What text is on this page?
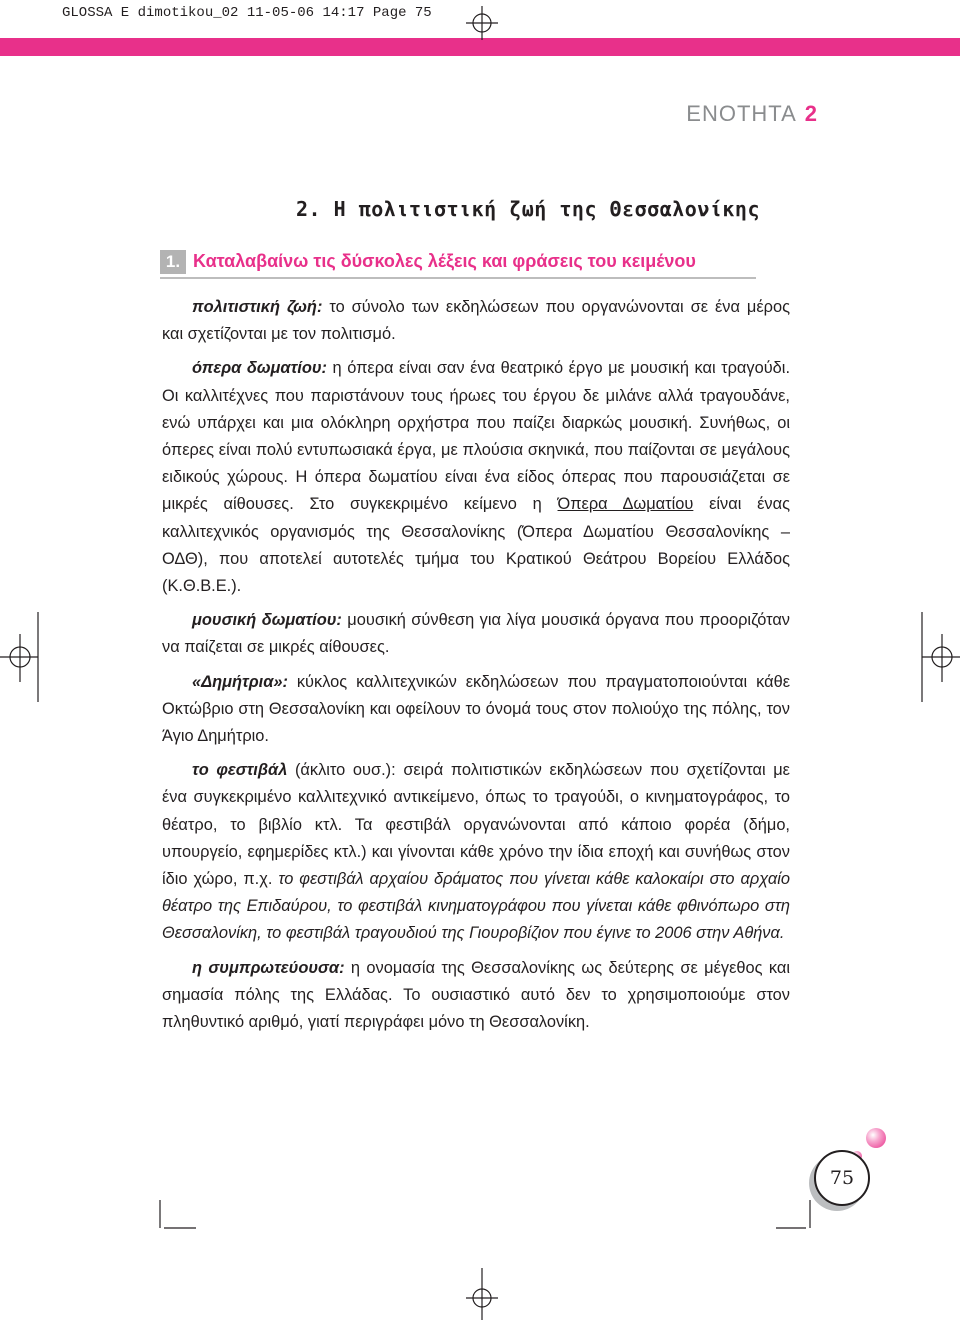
GLOSSA E dimotikou_02 11-05-06 14:17 Page 75
ΕΝΟΤΗΤΑ 2
2. Η πολιτιστική ζωή της Θεσσαλονίκης
1. Καταλαβαίνω τις δύσκολες λέξεις και φράσεις του κειμένου

πολιτιστική ζωή: το σύνολο των εκδηλώσεων που οργανώνονται σε ένα μέρος και σχετίζονται με τον πολιτισμό.

όπερα δωματίου: η όπερα είναι σαν ένα θεατρικό έργο με μουσική και τραγούδι. Οι καλλιτέχνες που παριστάνουν τους ήρωες του έργου δε μιλάνε αλλά τραγουδάνε, ενώ υπάρχει και μια ολόκληρη ορχήστρα που παίζει διαρκώς μουσική. Συνήθως, οι όπερες είναι πολύ εντυπωσιακά έργα, με πλούσια σκηνικά, που παίζονται σε μεγάλους ειδικούς χώρους. Η όπερα δωματίου είναι ένα είδος όπερας που παρουσιάζεται σε μικρές αίθουσες. Στο συγκεκριμένο κείμενο η Όπερα Δωματίου είναι ένας καλλιτεχνικός οργανισμός της Θεσσαλονίκης (Όπερα Δωματίου Θεσσαλονίκης – ΟΔΘ), που αποτελεί αυτοτελές τμήμα του Κρατικού Θεάτρου Βορείου Ελλάδος (Κ.Θ.Β.Ε.).

μουσική δωματίου: μουσική σύνθεση για λίγα μουσικά όργανα που προοριζόταν να παίζεται σε μικρές αίθουσες.

«Δημήτρια»: κύκλος καλλιτεχνικών εκδηλώσεων που πραγματοποιούνται κάθε Οκτώβριο στη Θεσσαλονίκη και οφείλουν το όνομά τους στον πολιούχο της πόλης, τον Άγιο Δημήτριο.

το φεστιβάλ (άκλιτο ουσ.): σειρά πολιτιστικών εκδηλώσεων που σχετίζονται με ένα συγκεκριμένο καλλιτεχνικό αντικείμενο, όπως το τραγούδι, ο κινηματογράφος, το θέατρο, το βιβλίο κτλ. Τα φεστιβάλ οργανώνονται από κάποιο φορέα (δήμο, υπουργείο, εφημερίδες κτλ.) και γίνονται κάθε χρόνο την ίδια εποχή και συνήθως στον ίδιο χώρο, π.χ. το φεστιβάλ αρχαίου δράματος που γίνεται κάθε καλοκαίρι στο αρχαίο θέατρο της Επιδαύρου, το φεστιβάλ κινηματογράφου που γίνεται κάθε φθινόπωρο στη Θεσσαλονίκη, το φεστιβάλ τραγουδιού της Γιουροβίζιον που έγινε το 2006 στην Αθήνα.

η συμπρωτεύουσα: η ονομασία της Θεσσαλονίκης ως δεύτερης σε μέγεθος και σημασία πόλης της Ελλάδας. Το ουσιαστικό αυτό δεν το χρησιμοποιούμε στον πληθυντικό αριθμό, γιατί περιγράφει μόνο τη Θεσσαλονίκη.

75
